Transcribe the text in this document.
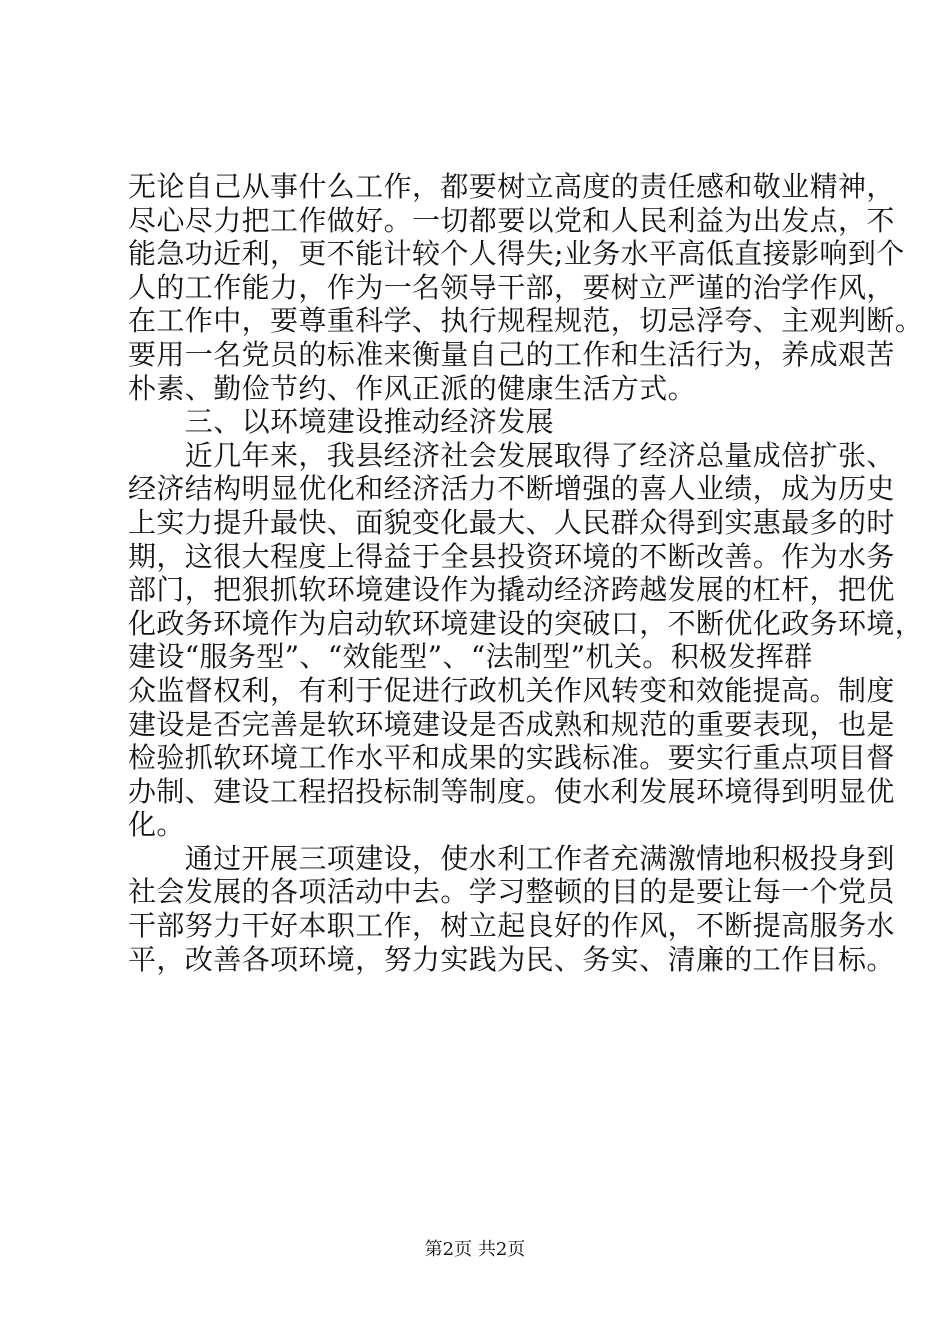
无论自己从事什么工作，都要树立高度的责任感和敬业精神，
尽心尽力把工作做好。一切都要以党和人民利益为出发点，不
能急功近利，更不能计较个人得失;业务水平高低直接影响到个
人的工作能力，作为一名领导干部，要树立严谨的治学作风，
在工作中，要尊重科学、执行规程规范，切忌浮夸、主观判断。
要用一名党员的标准来衡量自己的工作和生活行为，养成艰苦
朴素、勤俭节约、作风正派的健康生活方式。
　　三、以环境建设推动经济发展
　　近几年来，我县经济社会发展取得了经济总量成倍扩张、
经济结构明显优化和经济活力不断增强的喜人业绩，成为历史
上实力提升最快、面貌变化最大、人民群众得到实惠最多的时
期，这很大程度上得益于全县投资环境的不断改善。作为水务
部门，把狠抓软环境建设作为撬动经济跨越发展的杠杆，把优
化政务环境作为启动软环境建设的突破口，不断优化政务环境，
建设“服务型”、“效能型”、“法制型”机关。积极发挥群
众监督权利，有利于促进行政机关作风转变和效能提高。制度
建设是否完善是软环境建设是否成熟和规范的重要表现，也是
检验抓软环境工作水平和成果的实践标准。要实行重点项目督
办制、建设工程招投标制等制度。使水利发展环境得到明显优
化。
　　通过开展三项建设，使水利工作者充满激情地积极投身到
社会发展的各项活动中去。学习整顿的目的是要让每一个党员
干部努力干好本职工作，树立起良好的作风，不断提高服务水
平，改善各项环境，努力实践为民、务实、清廉的工作目标。
第2页 共2页
